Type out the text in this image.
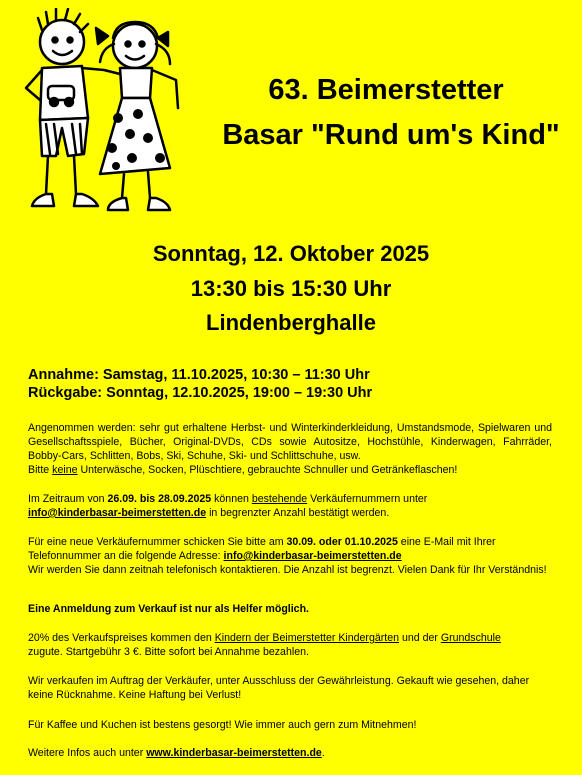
63. Beimerstetter
Basar "Rund um's Kind"
Sonntag, 12. Oktober 2025
13:30 bis 15:30 Uhr
Lindenberghalle
Annahme: Samstag, 11.10.2025, 10:30 – 11:30 Uhr
Rückgabe: Sonntag, 12.10.2025, 19:00 – 19:30 Uhr
Angenommen werden: sehr gut erhaltene Herbst- und Winterkinderkleidung, Umstandsmode, Spielwaren und Gesellschaftsspiele, Bücher, Original-DVDs, CDs sowie Autositze, Hochstühle, Kinderwagen, Fahrräder, Bobby-Cars, Schlitten, Bobs, Ski, Schuhe, Ski- und Schlittschuhe, usw.
Bitte keine Unterwäsche, Socken, Plüschtiere, gebrauchte Schnuller und Getränkeflaschen!
Im Zeitraum von 26.09. bis 28.09.2025 können bestehende Verkäufernummern unter
info@kinderbasar-beimerstetten.de in begrenzter Anzahl bestätigt werden.
Für eine neue Verkäufernummer schicken Sie bitte am 30.09. oder 01.10.2025 eine E-Mail mit Ihrer
Telefonnummer an die folgende Adresse: info@kinderbasar-beimerstetten.de
Wir werden Sie dann zeitnah telefonisch kontaktieren. Die Anzahl ist begrenzt. Vielen Dank für Ihr Verständnis!
Eine Anmeldung zum Verkauf ist nur als Helfer möglich.
20% des Verkaufspreises kommen den Kindern der Beimerstetter Kindergärten und der Grundschule
zugute. Startgebühr 3 €. Bitte sofort bei Annahme bezahlen.
Wir verkaufen im Auftrag der Verkäufer, unter Ausschluss der Gewährleistung. Gekauft wie gesehen, daher keine Rücknahme. Keine Haftung bei Verlust!
Für Kaffee und Kuchen ist bestens gesorgt! Wie immer auch gern zum Mitnehmen!
Weitere Infos auch unter www.kinderbasar-beimerstetten.de.
